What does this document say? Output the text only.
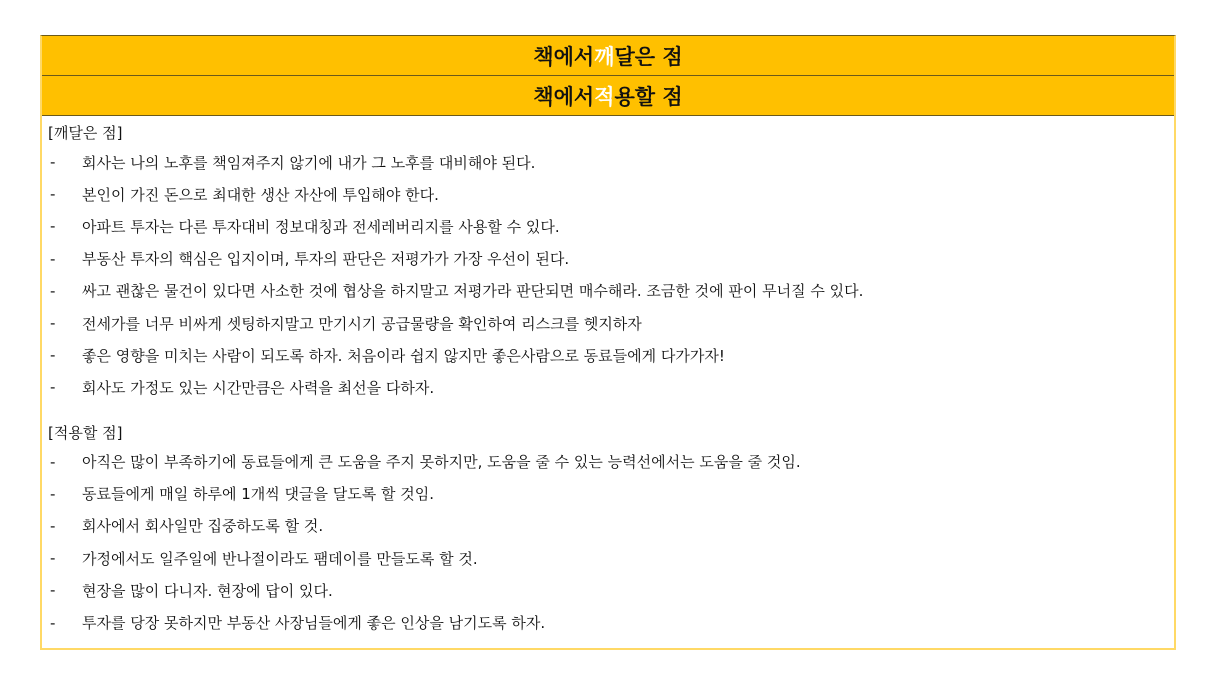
책에서 깨 달은 점
책에서 적 용할 점
[깨달은 점]
-	회사는 나의 노후를 책임져주지 않기에 내가 그 노후를 대비해야 된다.
-	본인이 가진 돈으로 최대한 생산 자산에 투입해야 한다.
-	아파트 투자는 다른 투자대비 정보대칭과 전세레버리지를 사용할 수 있다.
-	부동산 투자의 핵심은 입지이며, 투자의 판단은 저평가가 가장 우선이 된다.
-	싸고 괜찮은 물건이 있다면 사소한 것에 협상을 하지말고 저평가라 판단되면 매수해라. 조금한 것에 판이 무너질 수 있다.
-	전세가를 너무 비싸게 셋팅하지말고 만기시기 공급물량을 확인하여 리스크를 헷지하자
-	좋은 영향을 미치는 사람이 되도록 하자. 처음이라 쉽지 않지만 좋은사람으로 동료들에게 다가가자!
-	회사도 가정도 있는 시간만큼은 사력을 최선을 다하자.
[적용할 점]
-	아직은 많이 부족하기에 동료들에게 큰 도움을 주지 못하지만, 도움을 줄 수 있는 능력선에서는 도움을 줄 것임.
-	동료들에게 매일 하루에 1개씩 댓글을 달도록 할 것임.
-	회사에서 회사일만 집중하도록 할 것.
-	가정에서도 일주일에 반나절이라도 팸데이를 만들도록 할 것.
-	현장을 많이 다니자. 현장에 답이 있다.
-	투자를 당장 못하지만 부동산 사장님들에게 좋은 인상을 남기도록 하자.
